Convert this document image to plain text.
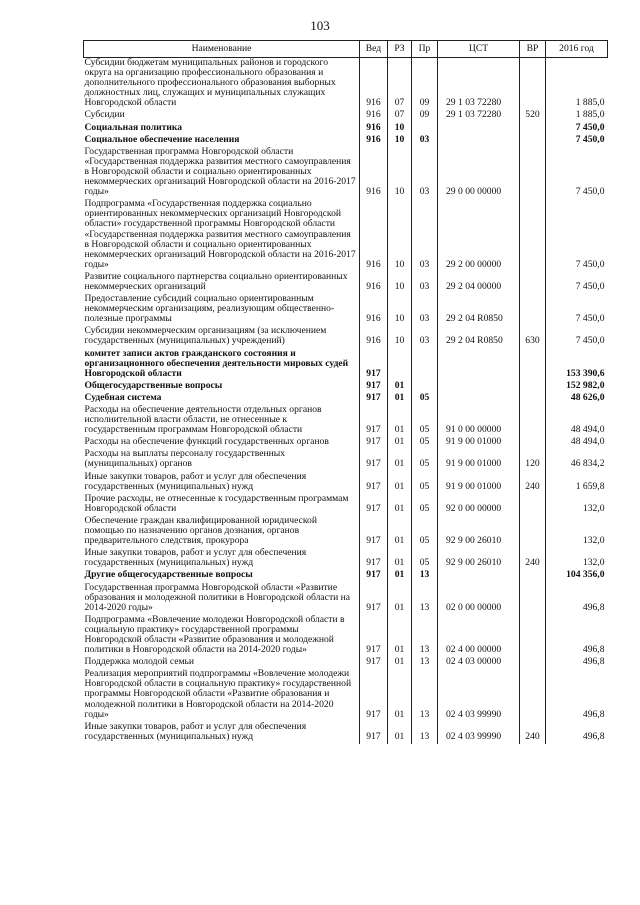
103
Наименование	Вед	РЗ	Пр	ЦСТ	ВР	2016 год
Субсидии бюджетам муниципальных районов и городского округа на организацию профессионального образования и дополнительного профессионального образования выборных должностных лиц, служащих и муниципальных служащих Новгородской области	916	07	09	29 1 03 72280		1 885,0
Субсидии	916	07	09	29 1 03 72280	520	1 885,0
Социальная политика	916	10				7 450,0
Социальное обеспечение населения	916	10	03			7 450,0
Государственная программа Новгородской области «Государственная поддержка развития местного самоуправления в Новгородской области и социально ориентированных некоммерческих организаций Новгородской области на 2016-2017 годы»	916	10	03	29 0 00 00000		7 450,0
Подпрограмма «Государственная поддержка социально ориентированных некоммерческих организаций Новгородской области» государственной программы Новгородской области «Государственная поддержка развития местного самоуправления в Новгородской области и социально ориентированных некоммерческих организаций Новгородской области на 2016-2017 годы»	916	10	03	29 2 00 00000		7 450,0
Развитие социального партнерства социально ориентированных некоммерческих организаций	916	10	03	29 2 04 00000		7 450,0
Предоставление субсидий социально ориентированным некоммерческим организациям, реализующим общественно-полезные программы	916	10	03	29 2 04 R0850		7 450,0
Субсидии некоммерческим организациям (за исключением государственных (муниципальных) учреждений)	916	10	03	29 2 04 R0850	630	7 450,0
комитет записи актов гражданского состояния и организационного обеспечения деятельности мировых судей Новгородской области	917					153 390,6
Общегосударственные вопросы	917	01				152 982,0
Судебная система	917	01	05			48 626,0
Расходы на обеспечение деятельности отдельных органов исполнительной власти области, не отнесенные к государственным программам Новгородской области	917	01	05	91 0 00 00000		48 494,0
Расходы на обеспечение функций государственных органов	917	01	05	91 9 00 01000		48 494,0
Расходы на выплаты персоналу государственных (муниципальных) органов	917	01	05	91 9 00 01000	120	46 834,2
Иные закупки товаров, работ и услуг для обеспечения государственных (муниципальных) нужд	917	01	05	91 9 00 01000	240	1 659,8
Прочие расходы, не отнесенные к государственным программам Новгородской области	917	01	05	92 0 00 00000		132,0
Обеспечение граждан квалифицированной юридической помощью по назначению органов дознания, органов предварительного следствия, прокурора	917	01	05	92 9 00 26010		132,0
Иные закупки товаров, работ и услуг для обеспечения государственных (муниципальных) нужд	917	01	05	92 9 00 26010	240	132,0
Другие общегосударственные вопросы	917	01	13			104 356,0
Государственная программа Новгородской области «Развитие образования и молодежной политики в Новгородской области на 2014-2020 годы»	917	01	13	02 0 00 00000		496,8
Подпрограмма «Вовлечение молодежи Новгородской области в социальную практику» государственной программы Новгородской области «Развитие образования и молодежной политики в Новгородской области на 2014-2020 годы»	917	01	13	02 4 00 00000		496,8
Поддержка молодой семьи	917	01	13	02 4 03 00000		496,8
Реализация мероприятий подпрограммы «Вовлечение молодежи Новгородской области в социальную практику» государственной программы Новгородской области «Развитие образования и молодежной политики в Новгородской области на 2014-2020 годы»	917	01	13	02 4 03 99990		496,8
Иные закупки товаров, работ и услуг для обеспечения государственных (муниципальных) нужд	917	01	13	02 4 03 99990	240	496,8
